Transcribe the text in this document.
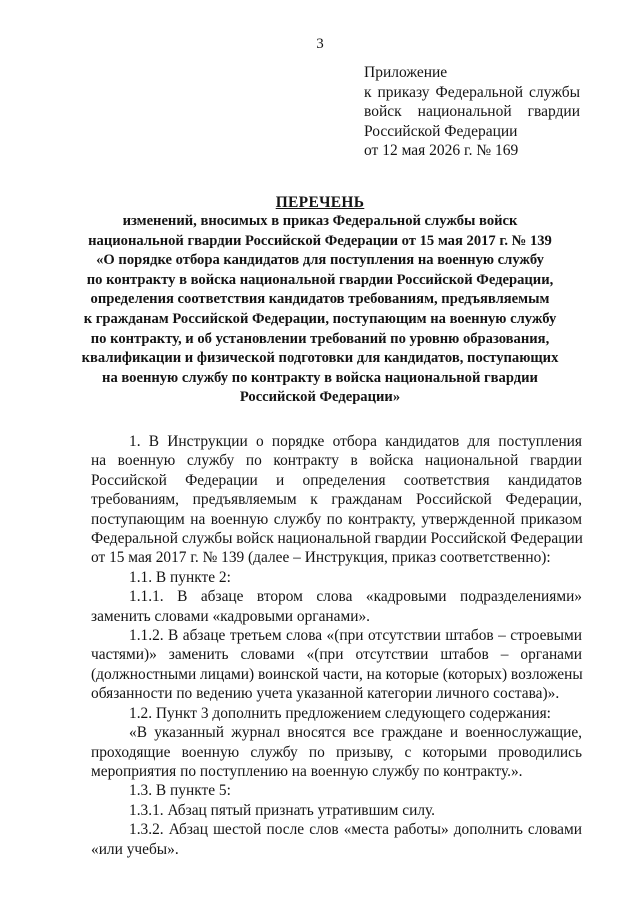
3
Приложение
к приказу Федеральной службы
войск национальной гвардии
Российской Федерации
от 12 мая 2026 г. № 169
ПЕРЕЧЕНЬ
изменений, вносимых в приказ Федеральной службы войск
национальной гвардии Российской Федерации от 15 мая 2017 г. № 139
«О порядке отбора кандидатов для поступления на военную службу
по контракту в войска национальной гвардии Российской Федерации,
определения соответствия кандидатов требованиям, предъявляемым
к гражданам Российской Федерации, поступающим на военную службу
по контракту, и об установлении требований по уровню образования,
квалификации и физической подготовки для кандидатов, поступающих
на военную службу по контракту в войска национальной гвардии
Российской Федерации»
1. В Инструкции о порядке отбора кандидатов для поступления
на военную службу по контракту в войска национальной гвардии
Российской Федерации и определения соответствия кандидатов
требованиям, предъявляемым к гражданам Российской Федерации,
поступающим на военную службу по контракту, утвержденной приказом
Федеральной службы войск национальной гвардии Российской Федерации
от 15 мая 2017 г. № 139 (далее – Инструкция, приказ соответственно):
1.1. В пункте 2:
1.1.1. В абзаце втором слова «кадровыми подразделениями»
заменить словами «кадровыми органами».
1.1.2. В абзаце третьем слова «(при отсутствии штабов – строевыми
частями)» заменить словами «(при отсутствии штабов – органами
(должностными лицами) воинской части, на которые (которых) возложены
обязанности по ведению учета указанной категории личного состава)».
1.2. Пункт 3 дополнить предложением следующего содержания:
«В указанный журнал вносятся все граждане и военнослужащие,
проходящие военную службу по призыву, с которыми проводились
мероприятия по поступлению на военную службу по контракту.».
1.3. В пункте 5:
1.3.1. Абзац пятый признать утратившим силу.
1.3.2. Абзац шестой после слов «места работы» дополнить словами
«или учебы».
